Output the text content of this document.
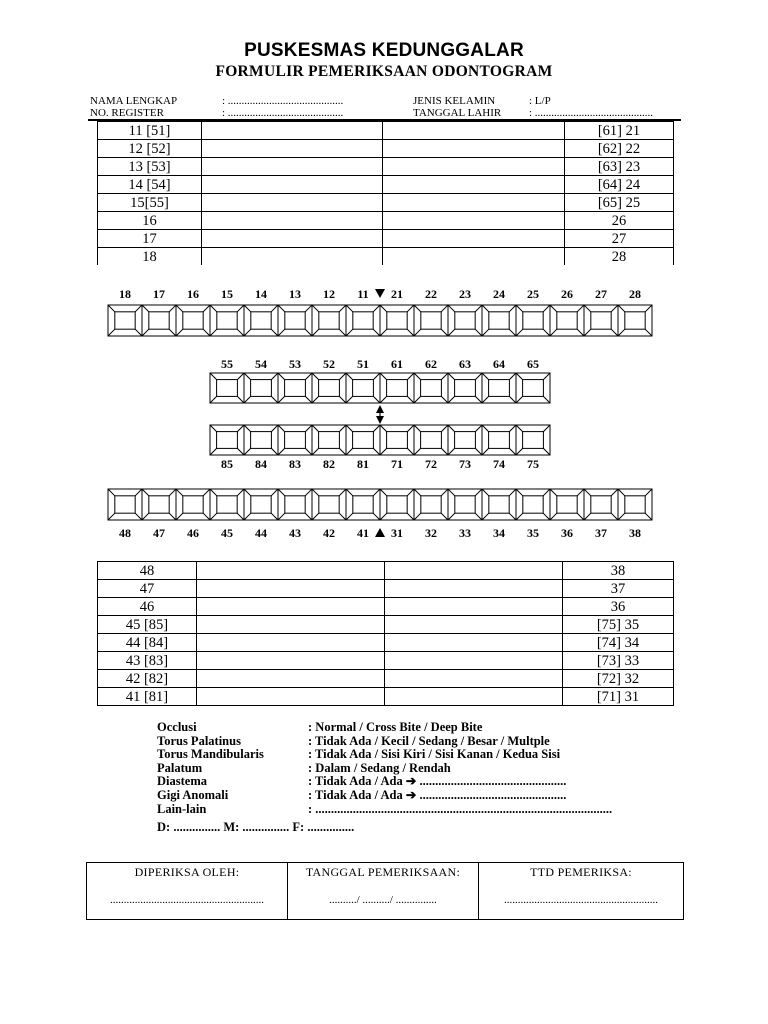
PUSKESMAS KEDUNGGALAR
FORMULIR PEMERIKSAAN ODONTOGRAM
NAMA LENGKAP	: ..........................................
NO. REGISTER	: ..........................................
JENIS KELAMIN	: L/P
TANGGAL LAHIR	: ...........................................
11 [51]			[61] 21
12 [52]			[62] 22
13 [53]			[63] 23
14 [54]			[64] 24
15[55]			[65] 25
16			26
17			27
18			28
18 17 16 15 14 13 12 11 21 22 23 24 25 26 27 28
48 47 46 45 44 43 42 41 31 32 33 34 35 36 37 38
55 54 53 52 51 61 62 63 64 65
85 84 83 82 81 71 72 73 74 75
48			38
47			37
46			36
45 [85]			[75] 35
44 [84]			[74] 34
43 [83]			[73] 33
42 [82]			[72] 32
41 [81]			[71] 31
Occlusi	: Normal / Cross Bite / Deep Bite
Torus Palatinus	: Tidak Ada / Kecil / Sedang / Besar / Multple
Torus Mandibularis	: Tidak Ada / Sisi Kiri / Sisi Kanan / Kedua Sisi
Palatum	: Dalam / Sedang / Rendah
Diastema	: Tidak Ada / Ada ➔ ...............................................
Gigi Anomali	: Tidak Ada / Ada ➔ ...............................................
Lain-lain	: ...............................................................................................
D: ............... M: ............... F: ...............
DIPERIKSA OLEH:
........................................................

TANGGAL PEMERIKSAAN:
........../ ........../ ...............

TTD PEMERIKSA:
........................................................
